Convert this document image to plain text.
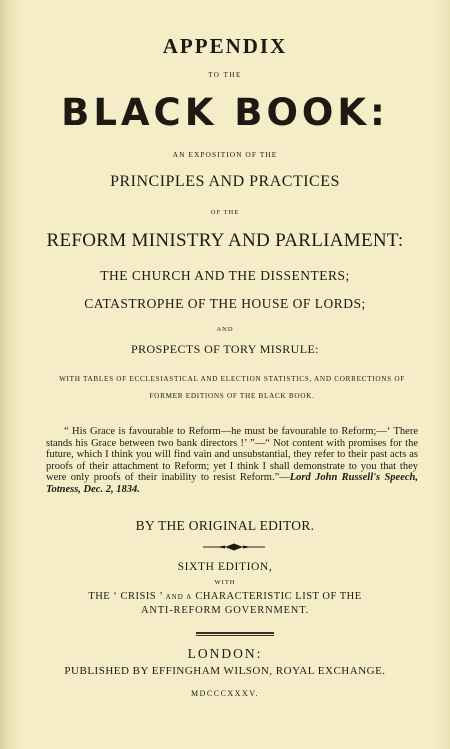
APPENDIX
TO THE
BLACK BOOK:
AN EXPOSITION OF THE
PRINCIPLES AND PRACTICES
OF THE
REFORM MINISTRY AND PARLIAMENT:
THE CHURCH AND THE DISSENTERS;
CATASTROPHE OF THE HOUSE OF LORDS;
AND
PROSPECTS OF TORY MISRULE:
WITH TABLES OF ECCLESIASTICAL AND ELECTION STATISTICS, AND CORRECTIONS OF FORMER EDITIONS OF THE BLACK BOOK.
“ His Grace is favourable to Reform—he must be favourable to Reform;—‘ There stands his Grace between two bank directors !’ ”—“ Not content with promises for the future, which I think you will find vain and unsubstantial, they refer to their past acts as proofs of their attachment to Reform; yet I think I shall demonstrate to you that they were only proofs of their inability to resist Reform.”—Lord John Russell's Speech, Totness, Dec. 2, 1834.
BY THE ORIGINAL EDITOR.
SIXTH EDITION,
WITH
THE ‘ CRISIS ’ AND A CHARACTERISTIC LIST OF THE
ANTI-REFORM GOVERNMENT.
LONDON:
PUBLISHED BY EFFINGHAM WILSON, ROYAL EXCHANGE.
MDCCCXXXV.
